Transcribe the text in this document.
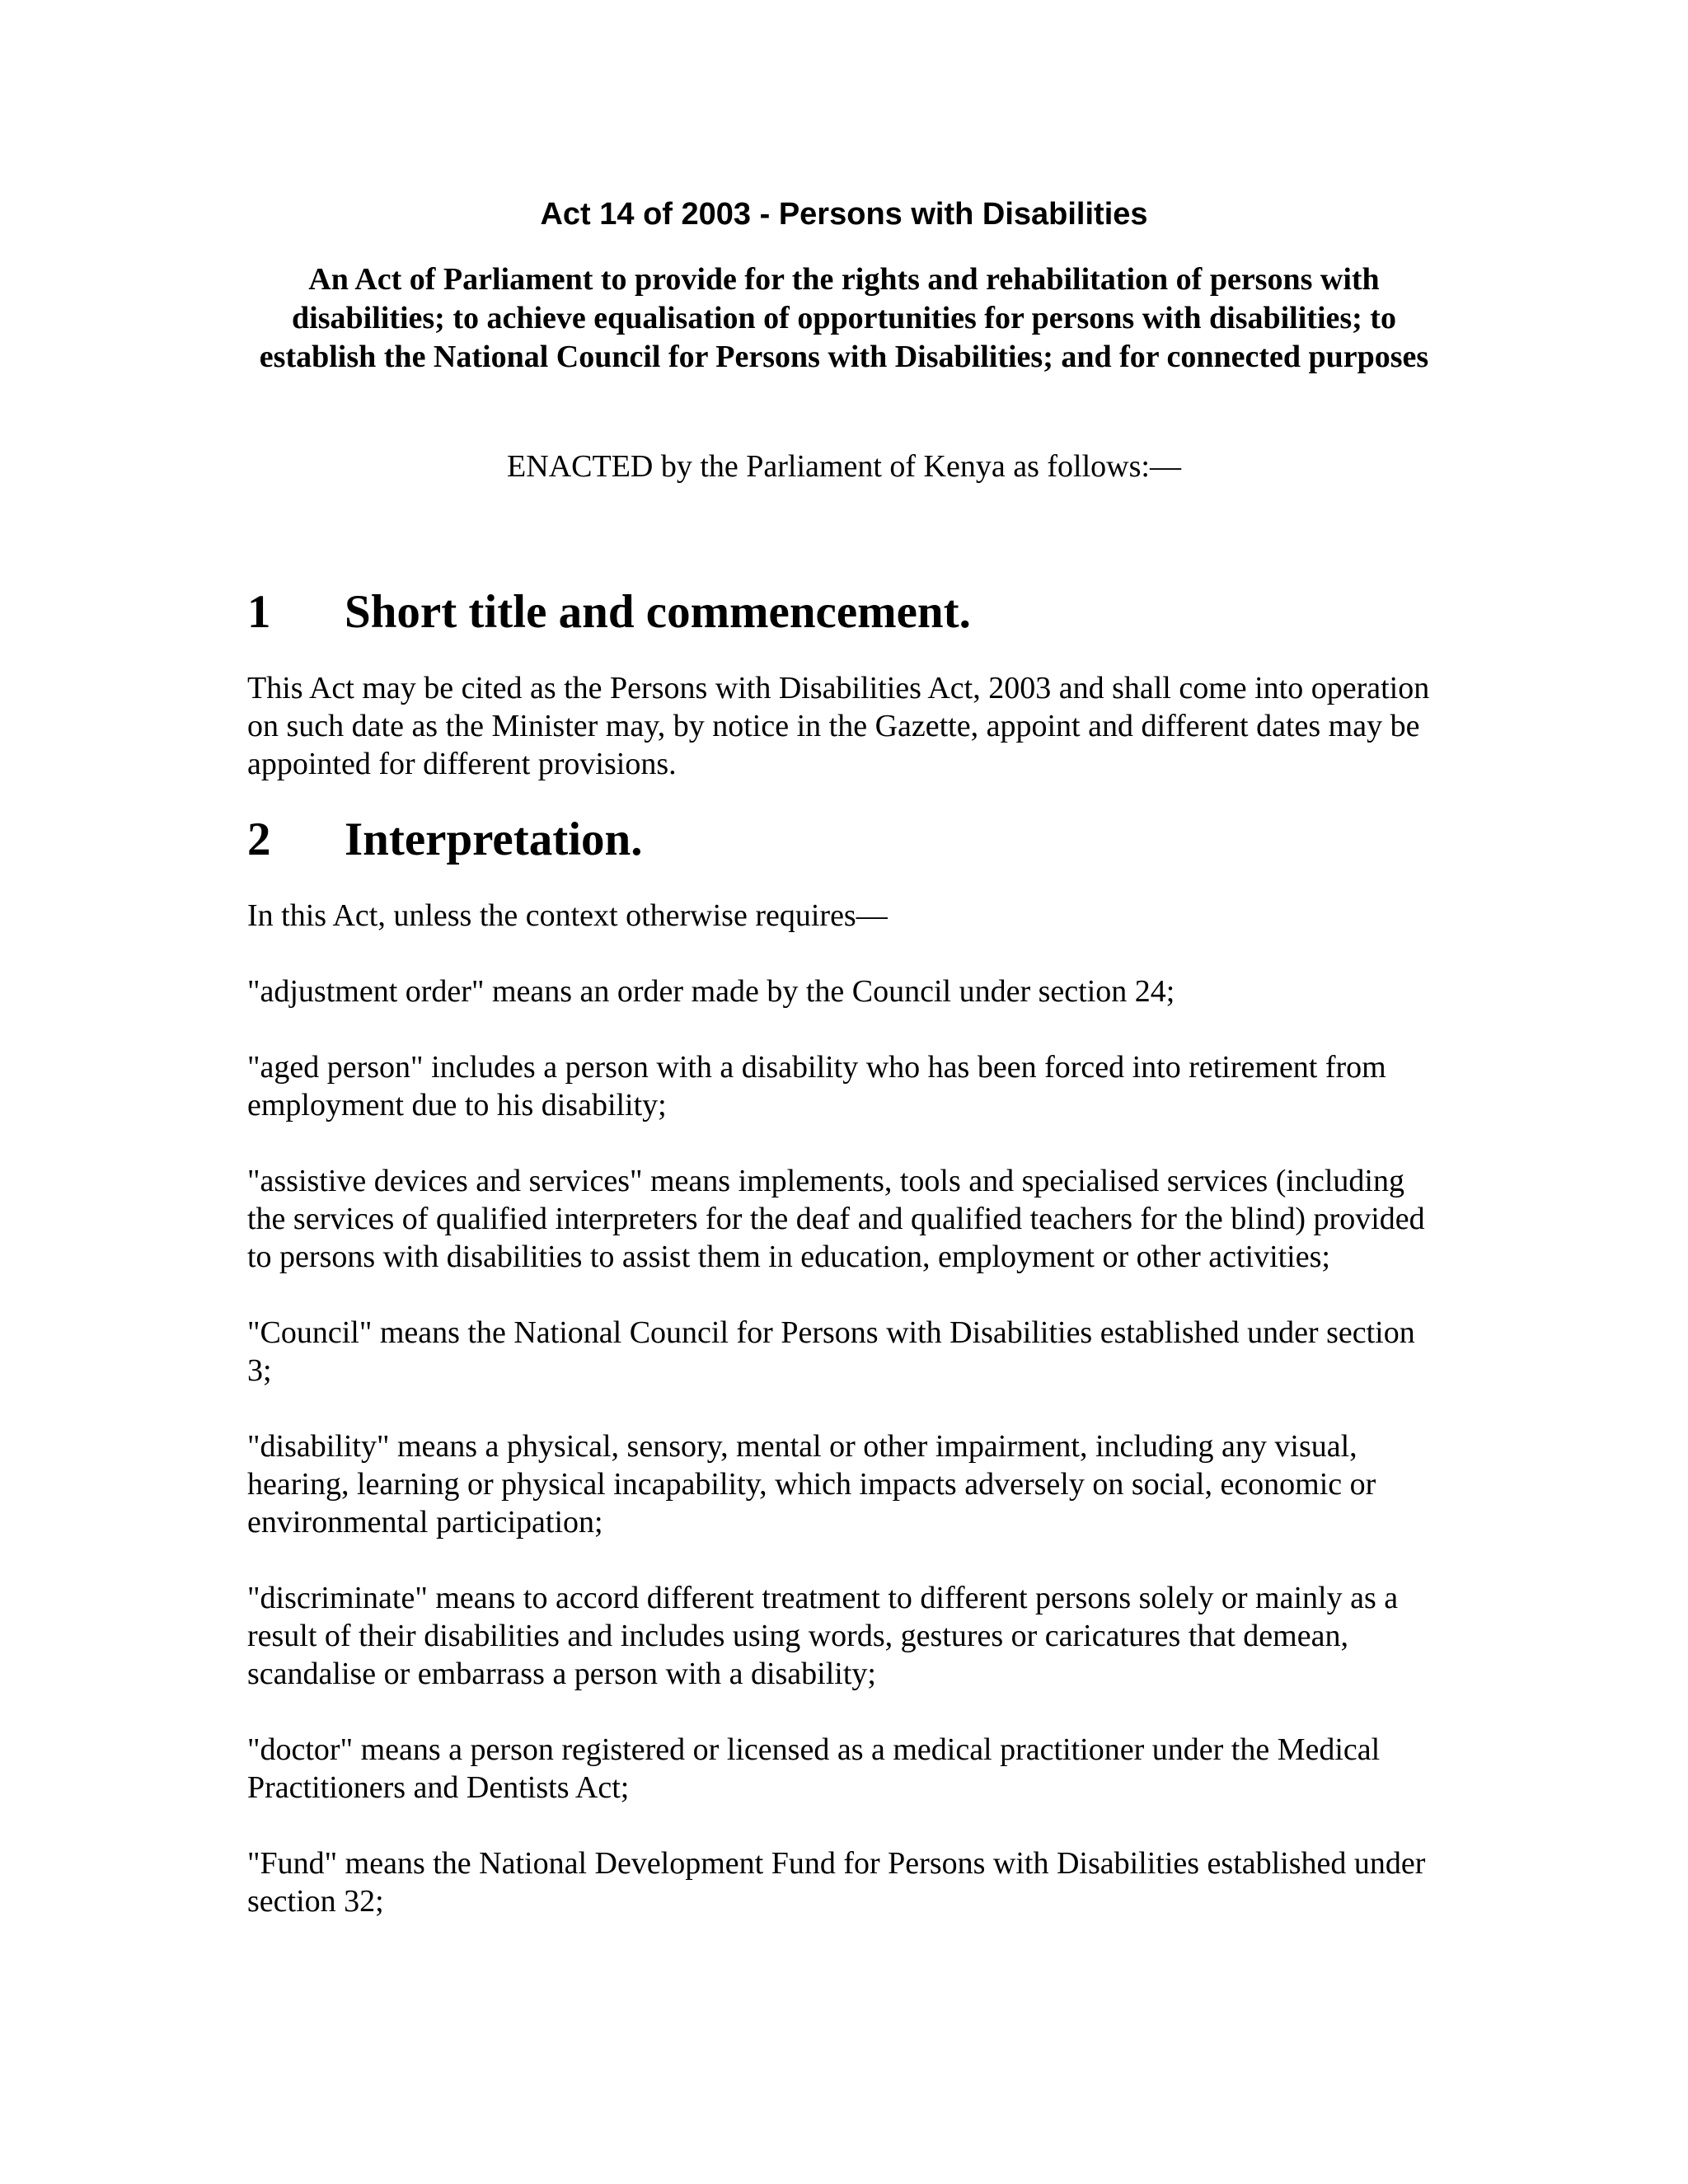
Act 14 of 2003 - Persons with Disabilities

An Act of Parliament to provide for the rights and rehabilitation of persons with disabilities; to achieve equalisation of opportunities for persons with disabilities; to establish the National Council for Persons with Disabilities; and for connected purposes

ENACTED by the Parliament of Kenya as follows:—

1	Short title and commencement.

This Act may be cited as the Persons with Disabilities Act, 2003 and shall come into operation on such date as the Minister may, by notice in the Gazette, appoint and different dates may be appointed for different provisions.

2	Interpretation.

In this Act, unless the context otherwise requires—

"adjustment order" means an order made by the Council under section 24;

"aged person" includes a person with a disability who has been forced into retirement from employment due to his disability;

"assistive devices and services" means implements, tools and specialised services (including the services of qualified interpreters for the deaf and qualified teachers for the blind) provided to persons with disabilities to assist them in education, employment or other activities;

"Council" means the National Council for Persons with Disabilities established under section 3;

"disability" means a physical, sensory, mental or other impairment, including any visual, hearing, learning or physical incapability, which impacts adversely on social, economic or environmental participation;

"discriminate" means to accord different treatment to different persons solely or mainly as a result of their disabilities and includes using words, gestures or caricatures that demean, scandalise or embarrass a person with a disability;

"doctor" means a person registered or licensed as a medical practitioner under the Medical Practitioners and Dentists Act;

"Fund" means the National Development Fund for Persons with Disabilities established under section 32;
